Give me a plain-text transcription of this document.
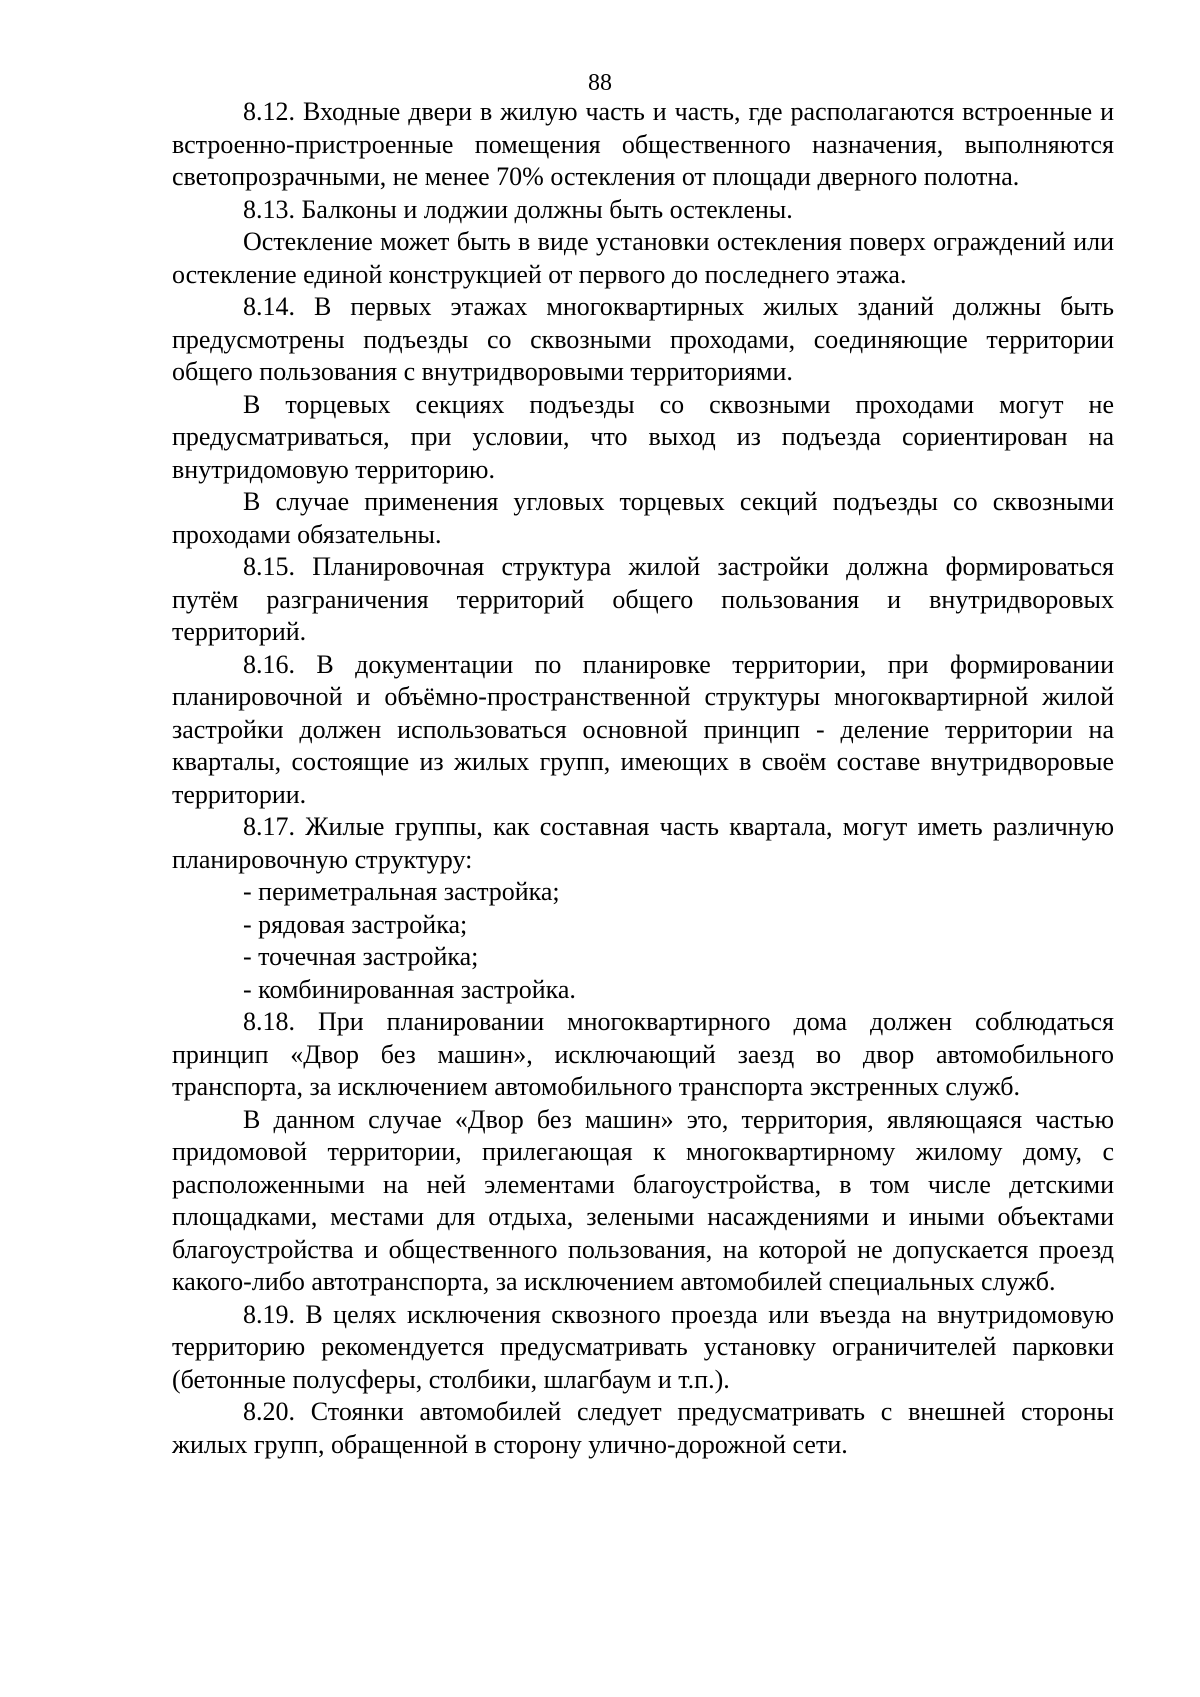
88

8.12. Входные двери в жилую часть и часть, где располагаются встроенные и встроенно-пристроенные помещения общественного назначения, выполняются светопрозрачными, не менее 70% остекления от площади дверного полотна.

8.13. Балконы и лоджии должны быть остеклены.

Остекление может быть в виде установки остекления поверх ограждений или остекление единой конструкцией от первого до последнего этажа.

8.14. В первых этажах многоквартирных жилых зданий должны быть предусмотрены подъезды со сквозными проходами, соединяющие территории общего пользования с внутридворовыми территориями.

В торцевых секциях подъезды со сквозными проходами могут не предусматриваться, при условии, что выход из подъезда сориентирован на внутридомовую территорию.

В случае применения угловых торцевых секций подъезды со сквозными проходами обязательны.

8.15. Планировочная структура жилой застройки должна формироваться путём разграничения территорий общего пользования и внутридворовых территорий.

8.16. В документации по планировке территории, при формировании планировочной и объёмно-пространственной структуры многоквартирной жилой застройки должен использоваться основной принцип - деление территории на кварталы, состоящие из жилых групп, имеющих в своём составе внутридворовые территории.

8.17. Жилые группы, как составная часть квартала, могут иметь различную планировочную структуру:

- периметральная застройка;

- рядовая застройка;

- точечная застройка;

- комбинированная застройка.

8.18. При планировании многоквартирного дома должен соблюдаться принцип «Двор без машин», исключающий заезд во двор автомобильного транспорта, за исключением автомобильного транспорта экстренных служб.

В данном случае «Двор без машин» это, территория, являющаяся частью придомовой территории, прилегающая к многоквартирному жилому дому, с расположенными на ней элементами благоустройства, в том числе детскими площадками, местами для отдыха, зелеными насаждениями и иными объектами благоустройства и общественного пользования, на которой не допускается проезд какого-либо автотранспорта, за исключением автомобилей специальных служб.

8.19. В целях исключения сквозного проезда или въезда на внутридомовую территорию рекомендуется предусматривать установку ограничителей парковки (бетонные полусферы, столбики, шлагбаум и т.п.).

8.20. Стоянки автомобилей следует предусматривать с внешней стороны жилых групп, обращенной в сторону улично-дорожной сети.
